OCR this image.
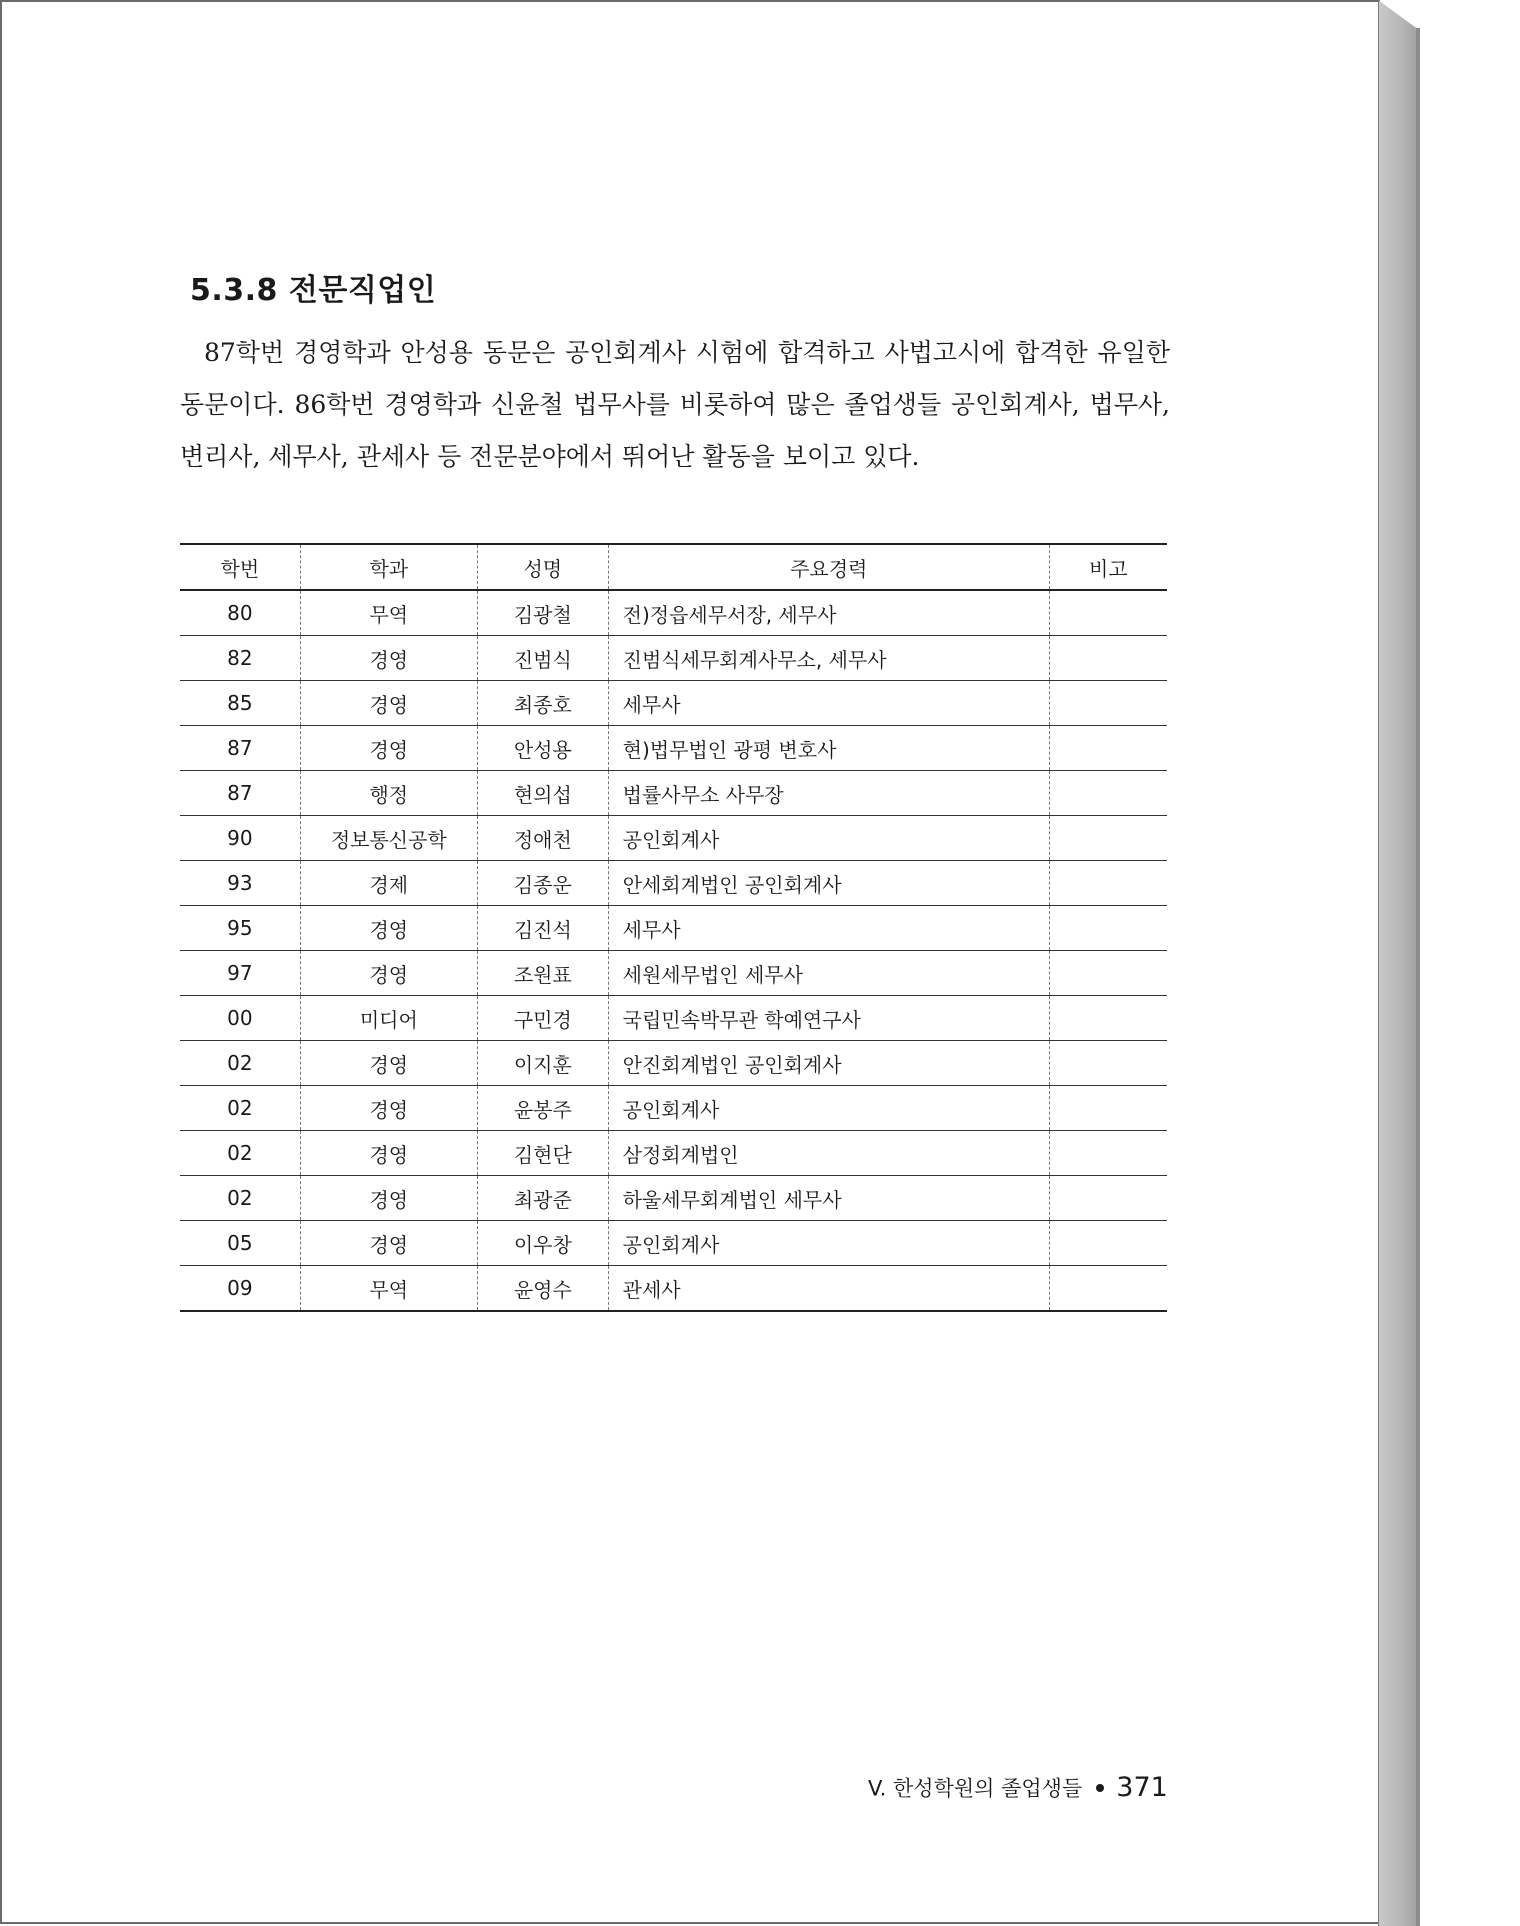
5.3.8 전문직업인

87학번 경영학과 안성용 동문은 공인회계사 시험에 합격하고 사법고시에 합격한 유일한 동문이다. 86학번 경영학과 신윤철 법무사를 비롯하여 많은 졸업생들 공인회계사, 법무사, 변리사, 세무사, 관세사 등 전문분야에서 뛰어난 활동을 보이고 있다.

학번	학과	성명	주요경력	비고
80	무역	김광철	전)정읍세무서장, 세무사	
82	경영	진범식	진범식세무회계사무소, 세무사	
85	경영	최종호	세무사	
87	경영	안성용	현)법무법인 광평 변호사	
87	행정	현의섭	법률사무소 사무장	
90	정보통신공학	정애천	공인회계사	
93	경제	김종운	안세회계법인 공인회계사	
95	경영	김진석	세무사	
97	경영	조원표	세원세무법인 세무사	
00	미디어	구민경	국립민속박무관 학예연구사	
02	경영	이지훈	안진회계법인 공인회계사	
02	경영	윤봉주	공인회계사	
02	경영	김현단	삼정회계법인	
02	경영	최광준	하울세무회계법인 세무사	
05	경영	이우창	공인회계사	
09	무역	윤영수	관세사	
V. 한성학원의 졸업생들 371
